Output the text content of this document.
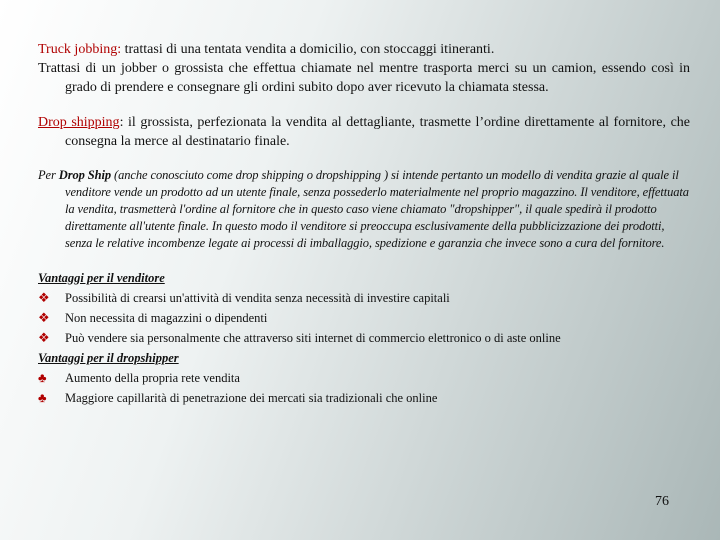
Truck jobbing: trattasi di una tentata vendita a domicilio, con stoccaggi itineranti.
Trattasi di un jobber o grossista che effettua chiamate nel mentre trasporta merci su un camion, essendo così in grado di prendere e consegnare gli ordini subito dopo aver ricevuto la chiamata stessa.
Drop shipping: il grossista, perfezionata la vendita al dettagliante, trasmette l’ordine direttamente al fornitore, che consegna la merce al destinatario finale.
Per Drop Ship (anche conosciuto come drop shipping o dropshipping ) si intende pertanto un modello di vendita grazie al quale il venditore vende un prodotto ad un utente finale, senza possederlo materialmente nel proprio magazzino. Il venditore, effettuata la vendita, trasmetterà l'ordine al fornitore che in questo caso viene chiamato "dropshipper", il quale spedirà il prodotto direttamente all'utente finale. In questo modo il venditore si preoccupa esclusivamente della pubblicizzazione dei prodotti, senza le relative incombenze legate ai processi di imballaggio, spedizione e garanzia che invece sono a cura del fornitore.
Vantaggi per il venditore
❖	Possibilità di crearsi un'attività di vendita senza necessità di investire capitali
❖	Non necessita di magazzini o dipendenti
❖	Può vendere sia personalmente che attraverso siti internet di commercio elettronico o di aste online
Vantaggi per il dropshipper
♣	Aumento della propria rete vendita
♣	Maggiore capillarità di penetrazione dei mercati sia tradizionali che online
76
